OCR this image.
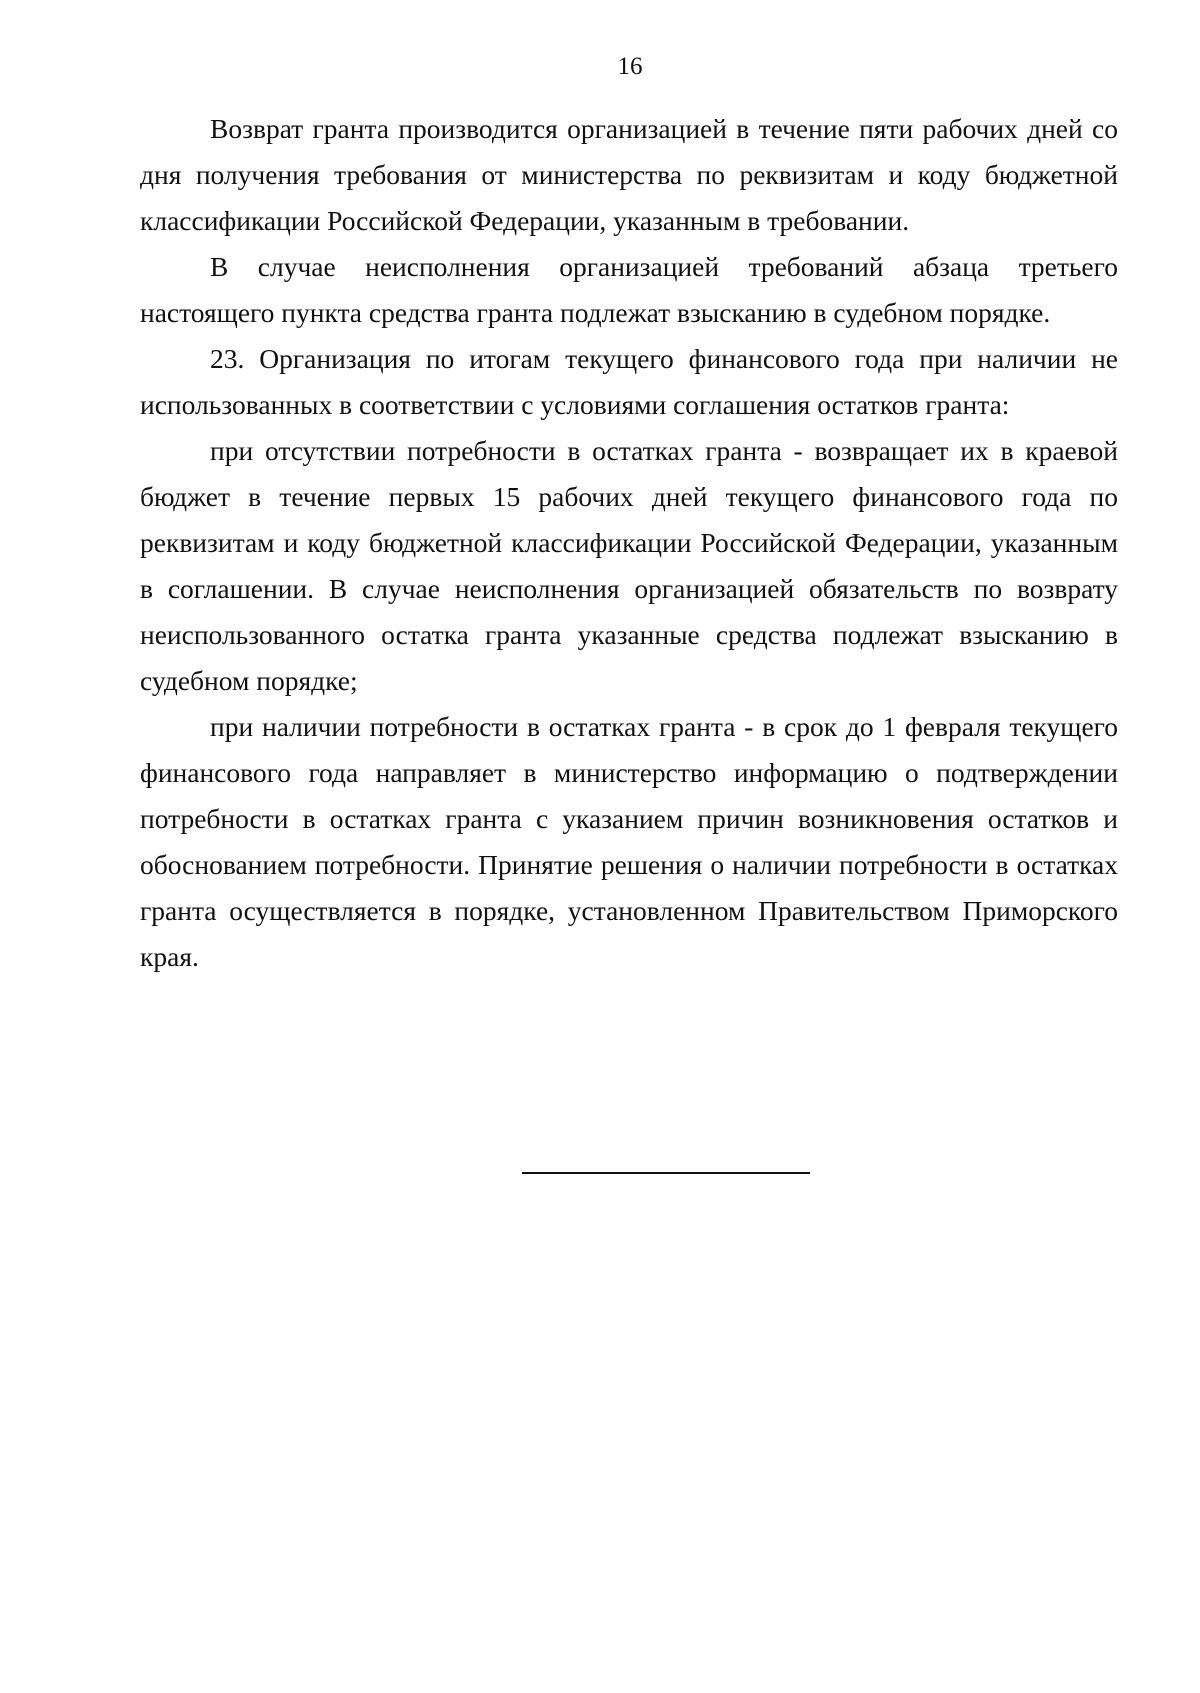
16

Возврат гранта производится организацией в течение пяти рабочих дней со дня получения требования от министерства по реквизитам и коду бюджетной классификации Российской Федерации, указанным в требовании.

В случае неисполнения организацией требований абзаца третьего настоящего пункта средства гранта подлежат взысканию в судебном порядке.

23. Организация по итогам текущего финансового года при наличии не использованных в соответствии с условиями соглашения остатков гранта:

при отсутствии потребности в остатках гранта - возвращает их в краевой бюджет в течение первых 15 рабочих дней текущего финансового года по реквизитам и коду бюджетной классификации Российской Федерации, указанным в соглашении. В случае неисполнения организацией обязательств по возврату неиспользованного остатка гранта указанные средства подлежат взысканию в судебном порядке;

при наличии потребности в остатках гранта - в срок до 1 февраля текущего финансового года направляет в министерство информацию о подтверждении потребности в остатках гранта с указанием причин возникновения остатков и обоснованием потребности. Принятие решения о наличии потребности в остатках гранта осуществляется в порядке, установленном Правительством Приморского края.
